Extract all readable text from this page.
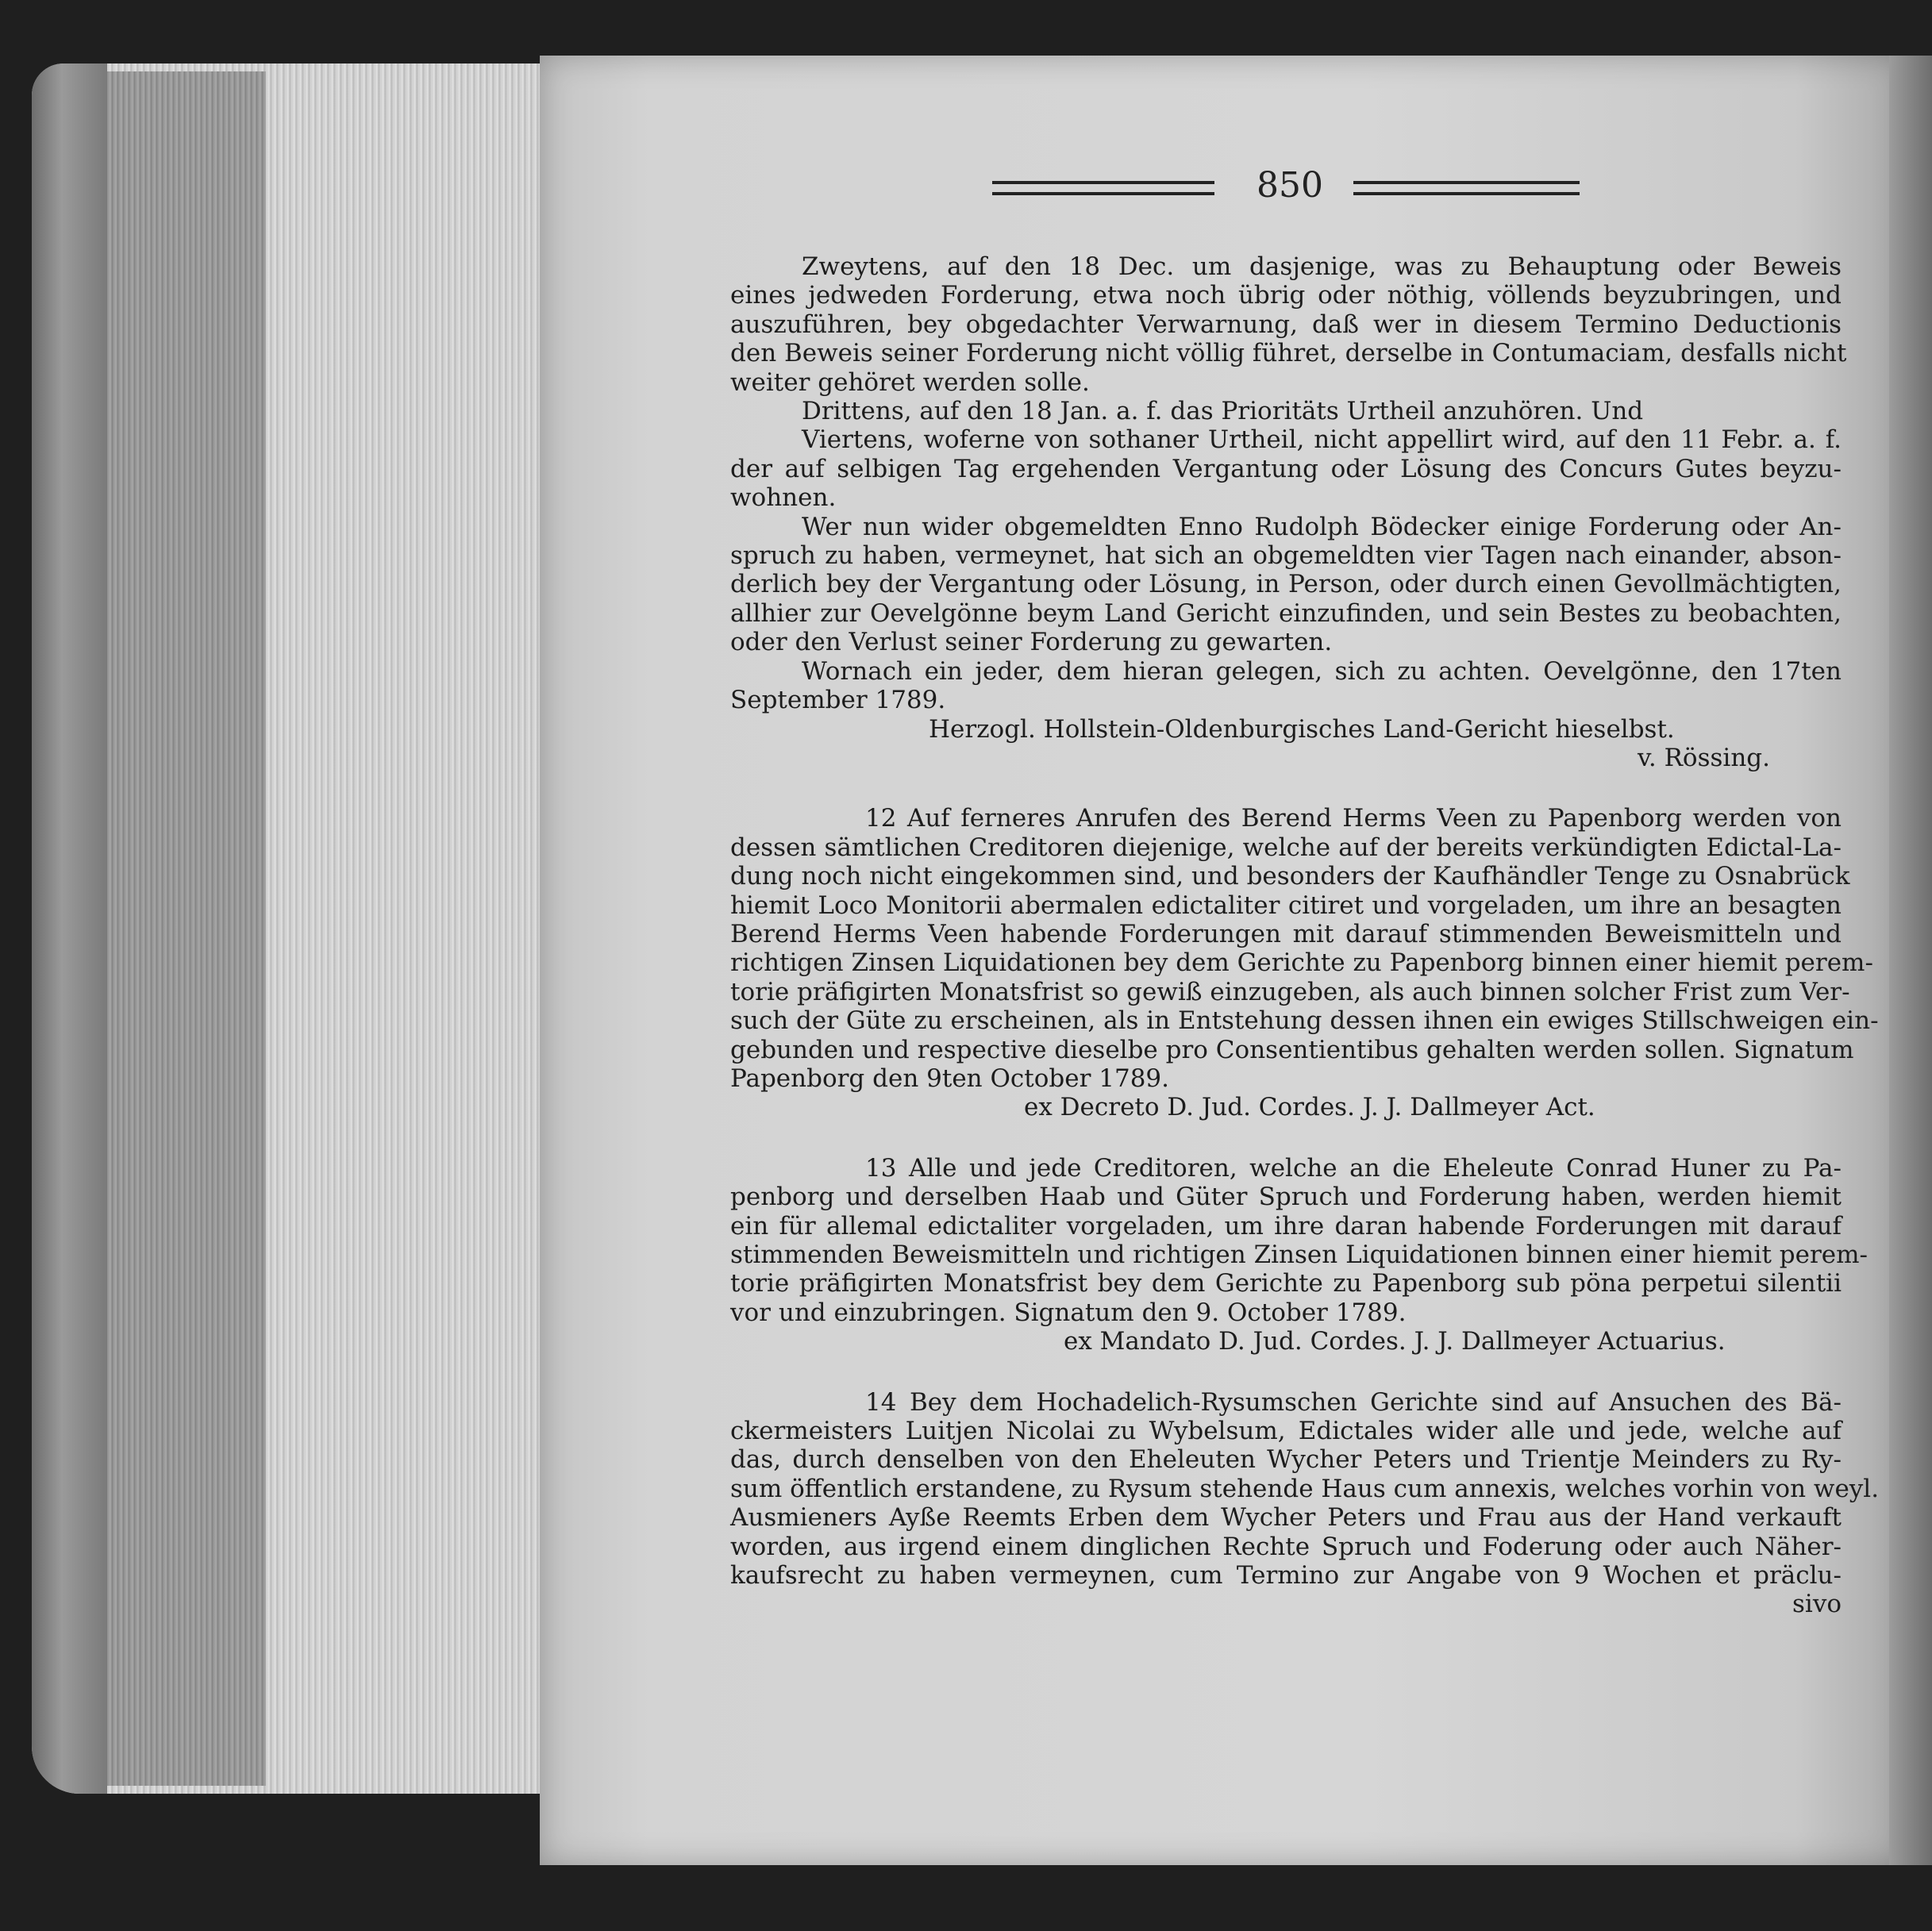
850
Zweytens, auf den 18 Dec. um dasjenige, was zu Behauptung oder Beweis
eines jedweden Forderung, etwa noch übrig oder nöthig, völlends beyzubringen, und
auszuführen, bey obgedachter Verwarnung, daß wer in diesem Termino Deductionis
den Beweis seiner Forderung nicht völlig führet, derselbe in Contumaciam, desfalls nicht
weiter gehöret werden solle.
Drittens, auf den 18 Jan. a. f. das Prioritäts Urtheil anzuhören. Und
Viertens, woferne von sothaner Urtheil, nicht appellirt wird, auf den 11 Febr. a. f.
der auf selbigen Tag ergehenden Vergantung oder Lösung des Concurs Gutes beyzu-
wohnen.
Wer nun wider obgemeldten Enno Rudolph Bödecker einige Forderung oder An-
spruch zu haben, vermeynet, hat sich an obgemeldten vier Tagen nach einander, abson-
derlich bey der Vergantung oder Lösung, in Person, oder durch einen Gevollmächtigten,
allhier zur Oevelgönne beym Land Gericht einzufinden, und sein Bestes zu beobachten,
oder den Verlust seiner Forderung zu gewarten.
Wornach ein jeder, dem hieran gelegen, sich zu achten. Oevelgönne, den 17ten
September 1789.
Herzogl. Hollstein-Oldenburgisches Land-Gericht hieselbst.
v. Rössing.
12 Auf ferneres Anrufen des Berend Herms Veen zu Papenborg werden von
dessen sämtlichen Creditoren diejenige, welche auf der bereits verkündigten Edictal-La-
dung noch nicht eingekommen sind, und besonders der Kaufhändler Tenge zu Osnabrück
hiemit Loco Monitorii abermalen edictaliter citiret und vorgeladen, um ihre an besagten
Berend Herms Veen habende Forderungen mit darauf stimmenden Beweismitteln und
richtigen Zinsen Liquidationen bey dem Gerichte zu Papenborg binnen einer hiemit perem-
torie präfigirten Monatsfrist so gewiß einzugeben, als auch binnen solcher Frist zum Ver-
such der Güte zu erscheinen, als in Entstehung dessen ihnen ein ewiges Stillschweigen ein-
gebunden und respective dieselbe pro Consentientibus gehalten werden sollen. Signatum
Papenborg den 9ten October 1789.
ex Decreto D. Jud. Cordes. J. J. Dallmeyer Act.
13 Alle und jede Creditoren, welche an die Eheleute Conrad Huner zu Pa-
penborg und derselben Haab und Güter Spruch und Forderung haben, werden hiemit
ein für allemal edictaliter vorgeladen, um ihre daran habende Forderungen mit darauf
stimmenden Beweismitteln und richtigen Zinsen Liquidationen binnen einer hiemit perem-
torie präfigirten Monatsfrist bey dem Gerichte zu Papenborg sub pöna perpetui silentii
vor und einzubringen. Signatum den 9. October 1789.
ex Mandato D. Jud. Cordes. J. J. Dallmeyer Actuarius.
14 Bey dem Hochadelich-Rysumschen Gerichte sind auf Ansuchen des Bä-
ckermeisters Luitjen Nicolai zu Wybelsum, Edictales wider alle und jede, welche auf
das, durch denselben von den Eheleuten Wycher Peters und Trientje Meinders zu Ry-
sum öffentlich erstandene, zu Rysum stehende Haus cum annexis, welches vorhin von weyl.
Ausmieners Ayße Reemts Erben dem Wycher Peters und Frau aus der Hand verkauft
worden, aus irgend einem dinglichen Rechte Spruch und Foderung oder auch Näher-
kaufsrecht zu haben vermeynen, cum Termino zur Angabe von 9 Wochen et präclu-
sivo
